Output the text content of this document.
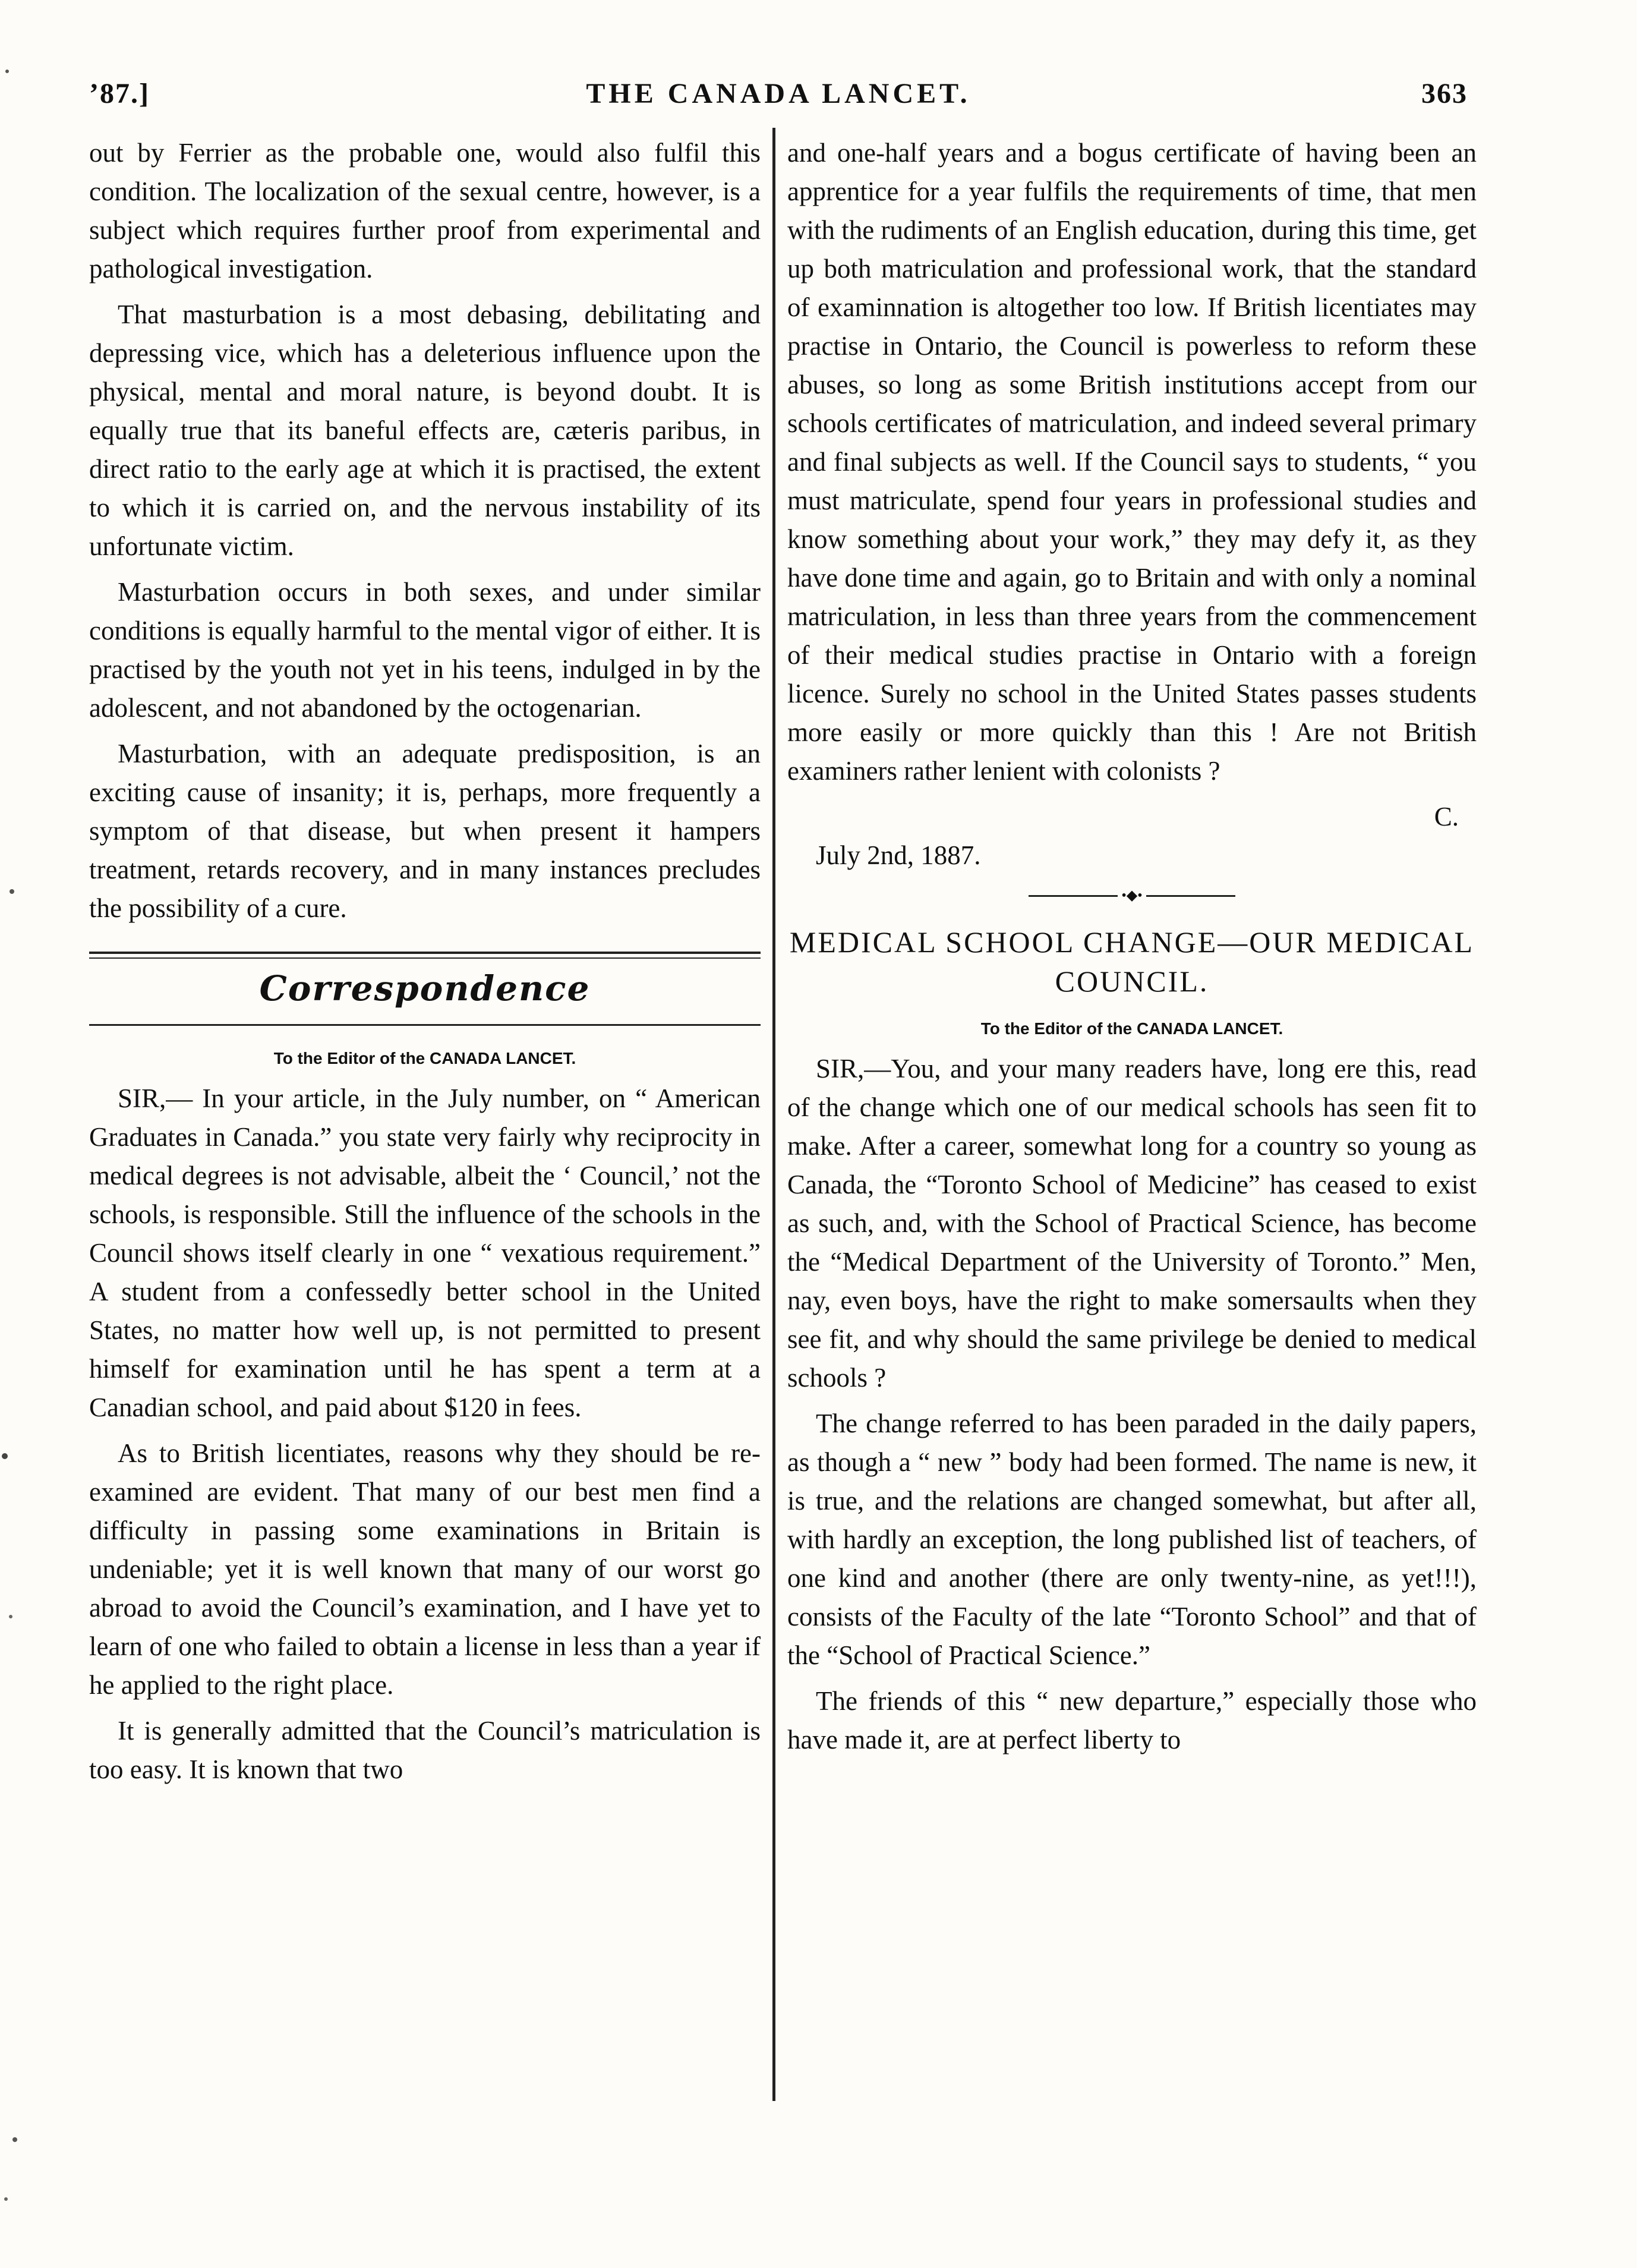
’87.]	THE CANADA LANCET.	363

out by Ferrier as the probable one, would also fulfil this condition. The localization of the sexual centre, however, is a subject which requires further proof from experimental and pathological investigation.

That masturbation is a most debasing, debilitating and depressing vice, which has a deleterious influence upon the physical, mental and moral nature, is beyond doubt. It is equally true that its baneful effects are, cæteris paribus, in direct ratio to the early age at which it is practised, the extent to which it is carried on, and the nervous instability of its unfortunate victim.

Masturbation occurs in both sexes, and under similar conditions is equally harmful to the mental vigor of either. It is practised by the youth not yet in his teens, indulged in by the adolescent, and not abandoned by the octogenarian.

Masturbation, with an adequate predisposition, is an exciting cause of insanity; it is, perhaps, more frequently a symptom of that disease, but when present it hampers treatment, retards recovery, and in many instances precludes the possibility of a cure.

Correspondence
To the Editor of the CANADA LANCET.

SIR,— In your article, in the July number, on “ American Graduates in Canada.” you state very fairly why reciprocity in medical degrees is not advisable, albeit the ‘ Council,’ not the schools, is responsible. Still the influence of the schools in the Council shows itself clearly in one “ vexatious requirement.” A student from a confessedly better school in the United States, no matter how well up, is not permitted to present himself for examination until he has spent a term at a Canadian school, and paid about $120 in fees.

As to British licentiates, reasons why they should be re-examined are evident. That many of our best men find a difficulty in passing some examinations in Britain is undeniable; yet it is well known that many of our worst go abroad to avoid the Council’s examination, and I have yet to learn of one who failed to obtain a license in less than a year if he applied to the right place.

It is generally admitted that the Council’s matriculation is too easy. It is known that two

and one-half years and a bogus certificate of having been an apprentice for a year fulfils the requirements of time, that men with the rudiments of an English education, during this time, get up both matriculation and professional work, that the standard of examinnation is altogether too low. If British licentiates may practise in Ontario, the Council is powerless to reform these abuses, so long as some British institutions accept from our schools certificates of matriculation, and indeed several primary and final subjects as well. If the Council says to students, “ you must matriculate, spend four years in professional studies and know something about your work,” they may defy it, as they have done time and again, go to Britain and with only a nominal matriculation, in less than three years from the commencement of their medical studies practise in Ontario with a foreign licence. Surely no school in the United States passes students more easily or more quickly than this ! Are not British examiners rather lenient with colonists ?

C.

July 2nd, 1887.

•◆•
MEDICAL SCHOOL CHANGE—OUR MEDICAL COUNCIL.
To the Editor of the CANADA LANCET.

SIR,—You, and your many readers have, long ere this, read of the change which one of our medical schools has seen fit to make. After a career, somewhat long for a country so young as Canada, the “Toronto School of Medicine” has ceased to exist as such, and, with the School of Practical Science, has become the “Medical Department of the University of Toronto.” Men, nay, even boys, have the right to make somersaults when they see fit, and why should the same privilege be denied to medical schools ?

The change referred to has been paraded in the daily papers, as though a “ new ” body had been formed. The name is new, it is true, and the relations are changed somewhat, but after all, with hardly an exception, the long published list of teachers, of one kind and another (there are only twenty-nine, as yet!!!), consists of the Faculty of the late “Toronto School” and that of the “School of Practical Science.”

The friends of this “ new departure,” especially those who have made it, are at perfect liberty to
